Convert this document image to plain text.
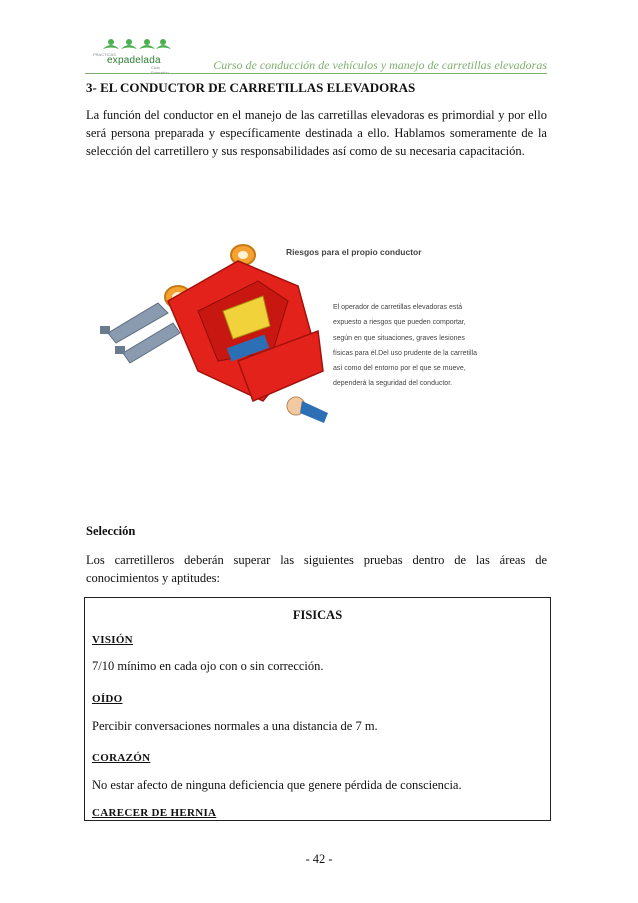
PRACTICAS
expadelada
Ciclo	Curso de conducción de vehículos y manejo de carretillas elevadoras
3- EL CONDUCTOR DE CARRETILLAS ELEVADORAS

La función del conductor en el manejo de las carretillas elevadoras es primordial y por ello será persona preparada y específicamente destinada a ello. Hablamos someramente de la selección del carretillero y sus responsabilidades así como de su necesaria capacitación.

Riesgos para el propio conductor
El operador de carretillas elevadoras está
expuesto a riesgos que pueden comportar,
según en que situaciones, graves lesiones
físicas para él.Del uso prudente de la carretilla
así como del entorno por el que se mueve,
dependerá la seguridad del conductor.
Selección

Los carretilleros deberán superar las siguientes pruebas dentro de las áreas de conocimientos y aptitudes:

FISICAS
VISIÓN
7/10 mínimo en cada ojo con o sin corrección.
OÍDO
Percibir conversaciones normales a una distancia de 7 m.
CORAZÓN
No estar afecto de ninguna deficiencia que genere pérdida de consciencia.
CARECER DE HERNIA
- 42 -
